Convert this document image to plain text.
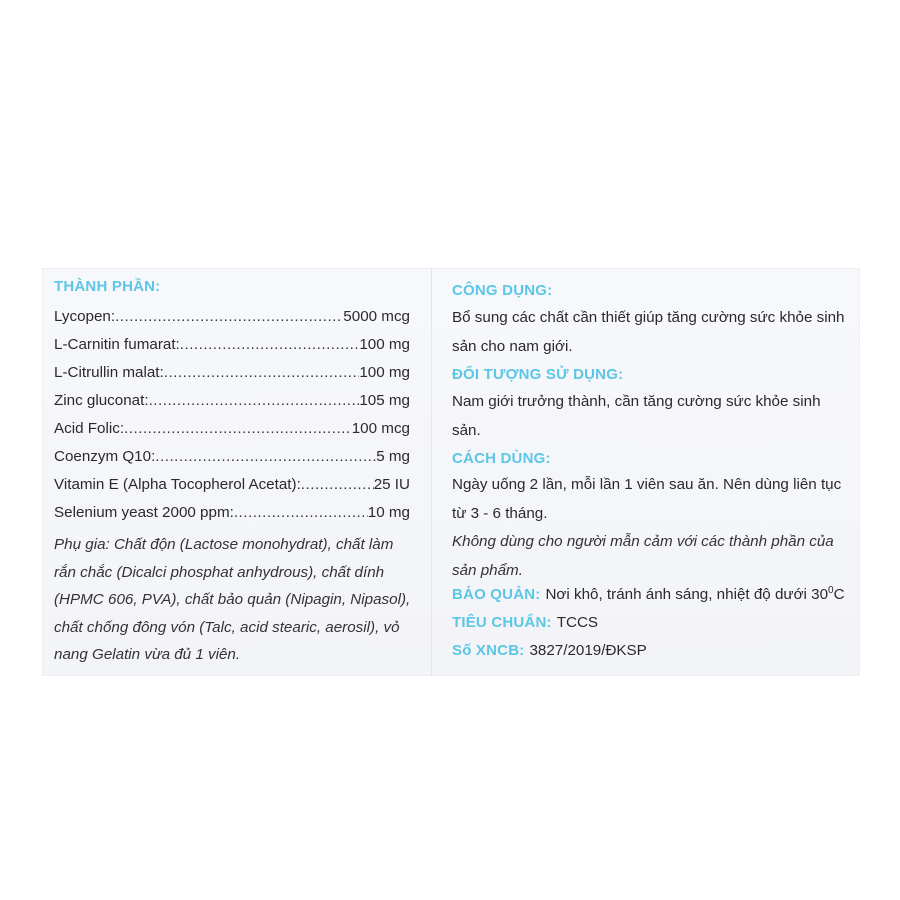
THÀNH PHẦN:
Lycopen: .....	5000 mcg
L-Carnitin fumarat: .....	100 mg
L-Citrullin malat: .....	100 mg
Zinc gluconat: .....	105 mg
Acid Folic: .....	100 mcg
Coenzym Q10: .....	5 mg
Vitamin E (Alpha Tocopherol Acetat): .....	25 IU
Selenium yeast 2000 ppm: .....	10 mg
Phụ gia: Chất độn (Lactose monohydrat), chất làm rắn chắc (Dicalci phosphat anhydrous), chất dính (HPMC 606, PVA), chất bảo quản (Nipagin, Nipasol), chất chống đông vón (Talc, acid stearic, aerosil), vỏ nang Gelatin vừa đủ 1 viên.
CÔNG DỤNG:
Bổ sung các chất cần thiết giúp tăng cường sức khỏe sinh sản cho nam giới.
ĐỐI TƯỢNG SỬ DỤNG:
Nam giới trưởng thành, cần tăng cường sức khỏe sinh sản.
CÁCH DÙNG:
Ngày uống 2 lần, mỗi lần 1 viên sau ăn. Nên dùng liên tục từ 3 - 6 tháng.
Không dùng cho người mẫn cảm với các thành phần của sản phẩm.
BẢO QUẢN: Nơi khô, tránh ánh sáng, nhiệt độ dưới $30^0C$
TIÊU CHUẨN: TCCS
Số XNCB: 3827/2019/ĐKSP
